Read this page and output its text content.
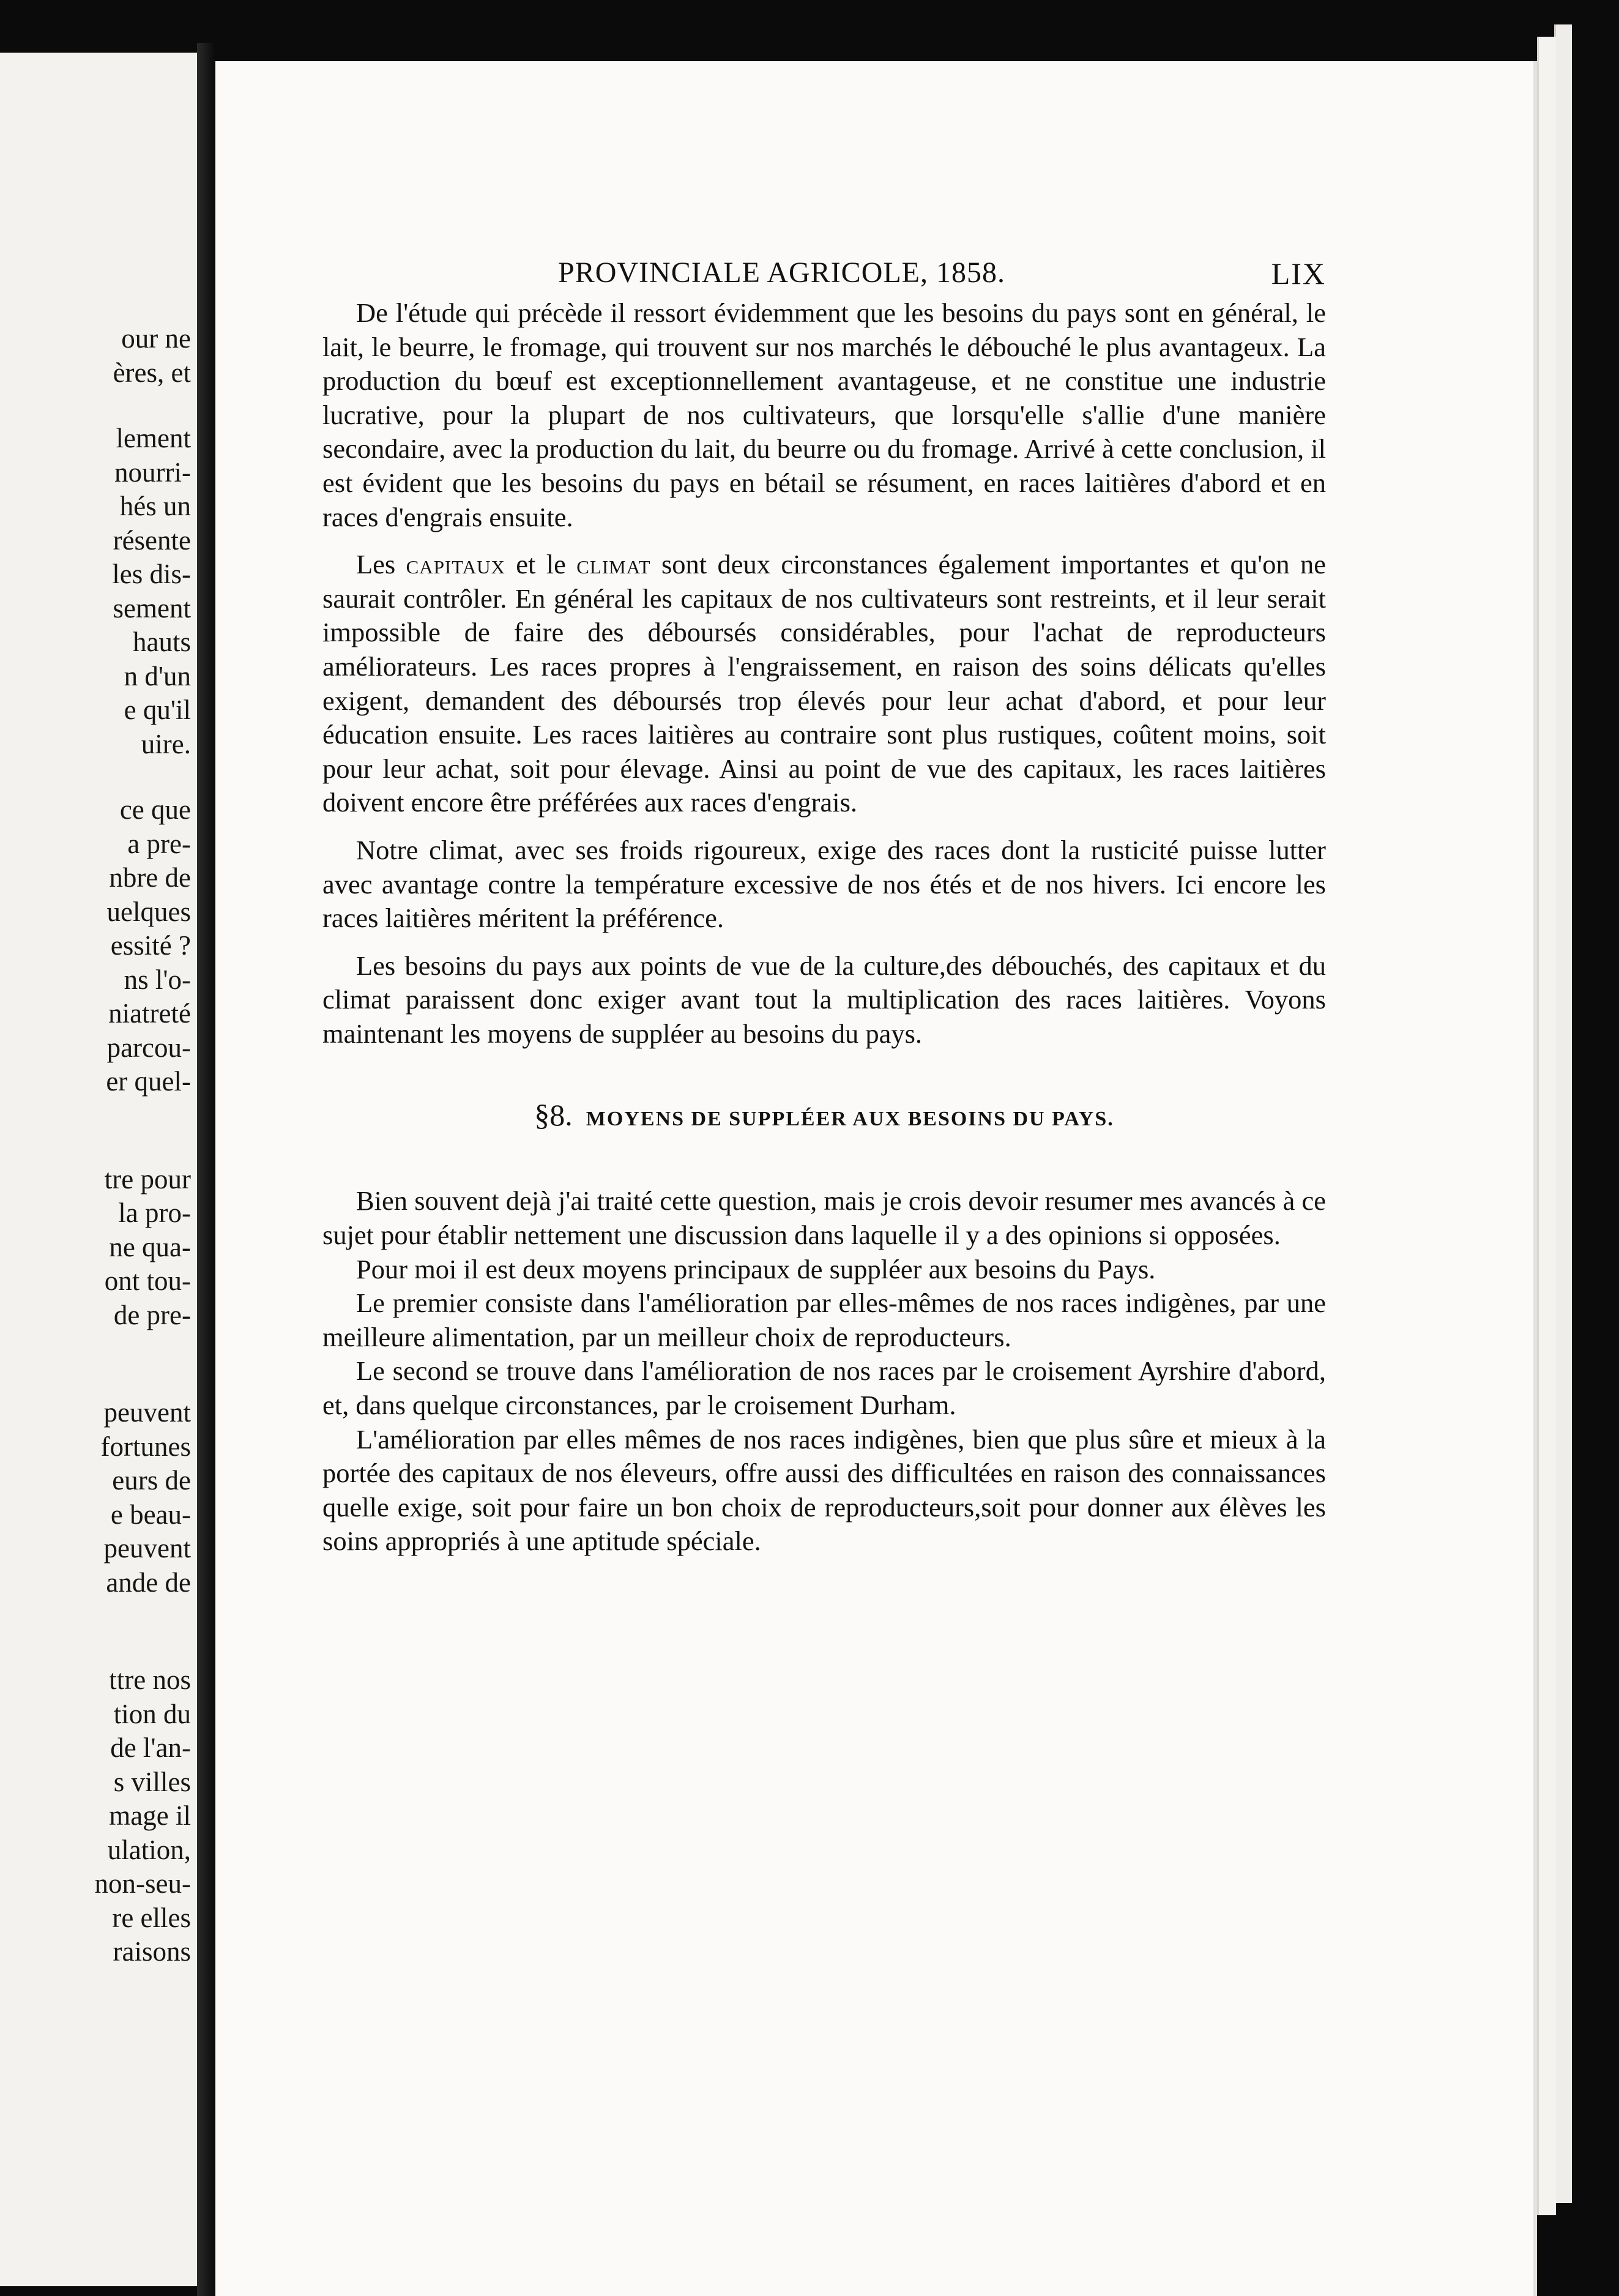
our ne
ères, et
lement
nourri-
hés un
résente
les dis-
sement
hauts
n d'un
e qu'il
uire.
ce que
a pre-
nbre de
uelques
essité ?
ns l'o-
niatreté
parcou-
er quel-
tre pour
la pro-
ne qua-
ont tou-
de pre-
peuvent
fortunes
eurs de
e beau-
peuvent
ande de
ttre nos
tion du
de l'an-
s villes
mage il
ulation,
non-seu-
re elles
raisons
PROVINCIALE AGRICOLE, 1858.	LIX

De l'étude qui précède il ressort évidemment que les besoins du pays sont en général, le lait, le beurre, le fromage, qui trouvent sur nos marchés le débouché le plus avantageux. La production du bœuf est exceptionnellement avantageuse, et ne constitue une industrie lucrative, pour la plupart de nos cultivateurs, que lorsqu'elle s'allie d'une manière secondaire, avec la production du lait, du beurre ou du fromage. Arrivé à cette conclusion, il est évident que les besoins du pays en bétail se résument, en races laitières d'abord et en races d'engrais ensuite.

Les capitaux et le climat sont deux circonstances également importantes et qu'on ne saurait contrôler. En général les capitaux de nos cultivateurs sont restreints, et il leur serait impossible de faire des déboursés considérables, pour l'achat de reproducteurs améliorateurs. Les races propres à l'engraissement, en raison des soins délicats qu'elles exigent, demandent des déboursés trop élevés pour leur achat d'abord, et pour leur éducation ensuite. Les races laitières au contraire sont plus rustiques, coûtent moins, soit pour leur achat, soit pour élevage. Ainsi au point de vue des capitaux, les races laitières doivent encore être préférées aux races d'engrais.

Notre climat, avec ses froids rigoureux, exige des races dont la rusticité puisse lutter avec avantage contre la température excessive de nos étés et de nos hivers. Ici encore les races laitières méritent la préférence.

Les besoins du pays aux points de vue de la culture,des débouchés, des capitaux et du climat paraissent donc exiger avant tout la multiplication des races laitières. Voyons maintenant les moyens de suppléer au besoins du pays.

§8. MOYENS DE SUPPLÉER AUX BESOINS DU PAYS.

Bien souvent dejà j'ai traité cette question, mais je crois devoir resumer mes avancés à ce sujet pour établir nettement une discussion dans laquelle il y a des opinions si opposées.

Pour moi il est deux moyens principaux de suppléer aux besoins du Pays.

Le premier consiste dans l'amélioration par elles-mêmes de nos races indigènes, par une meilleure alimentation, par un meilleur choix de reproducteurs.

Le second se trouve dans l'amélioration de nos races par le croisement Ayrshire d'abord, et, dans quelque circonstances, par le croisement Durham.

L'amélioration par elles mêmes de nos races indigènes, bien que plus sûre et mieux à la portée des capitaux de nos éleveurs, offre aussi des difficultées en raison des connaissances quelle exige, soit pour faire un bon choix de reproducteurs,soit pour donner aux élèves les soins appropriés à une aptitude spéciale.
